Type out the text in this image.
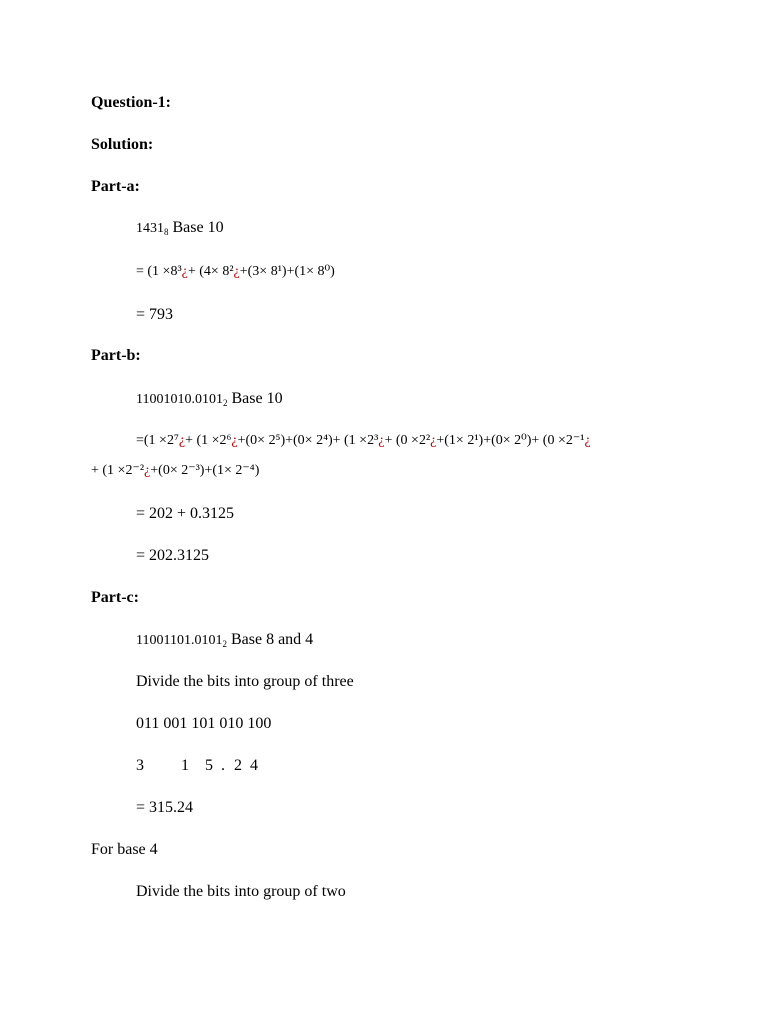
Question-1:
Solution:
Part-a:
$1431_8$ Base 10
= (1 ×8³¿+ (4× 8²¿+(3× 8¹)+(1× 8⁰)
= 793
Part-b:
$11001010.0101_2$ Base 10
=(1 ×2⁷¿+ (1 ×2⁶¿+(0× 2⁵)+(0× 2⁴)+ (1 ×2³¿+ (0 ×2²¿+(1× 2¹)+(0× 2⁰)+ (0 ×2⁻¹¿
+ (1 ×2⁻²¿+(0× 2⁻³)+(1× 2⁻⁴)
= 202 + 0.3125
= 202.3125
Part-c:
$11001101.0101_2$ Base 8 and 4
Divide the bits into group of three
011 001 101 010 100
3 1 5 . 2 4
= 315.24
For base 4
Divide the bits into group of two
